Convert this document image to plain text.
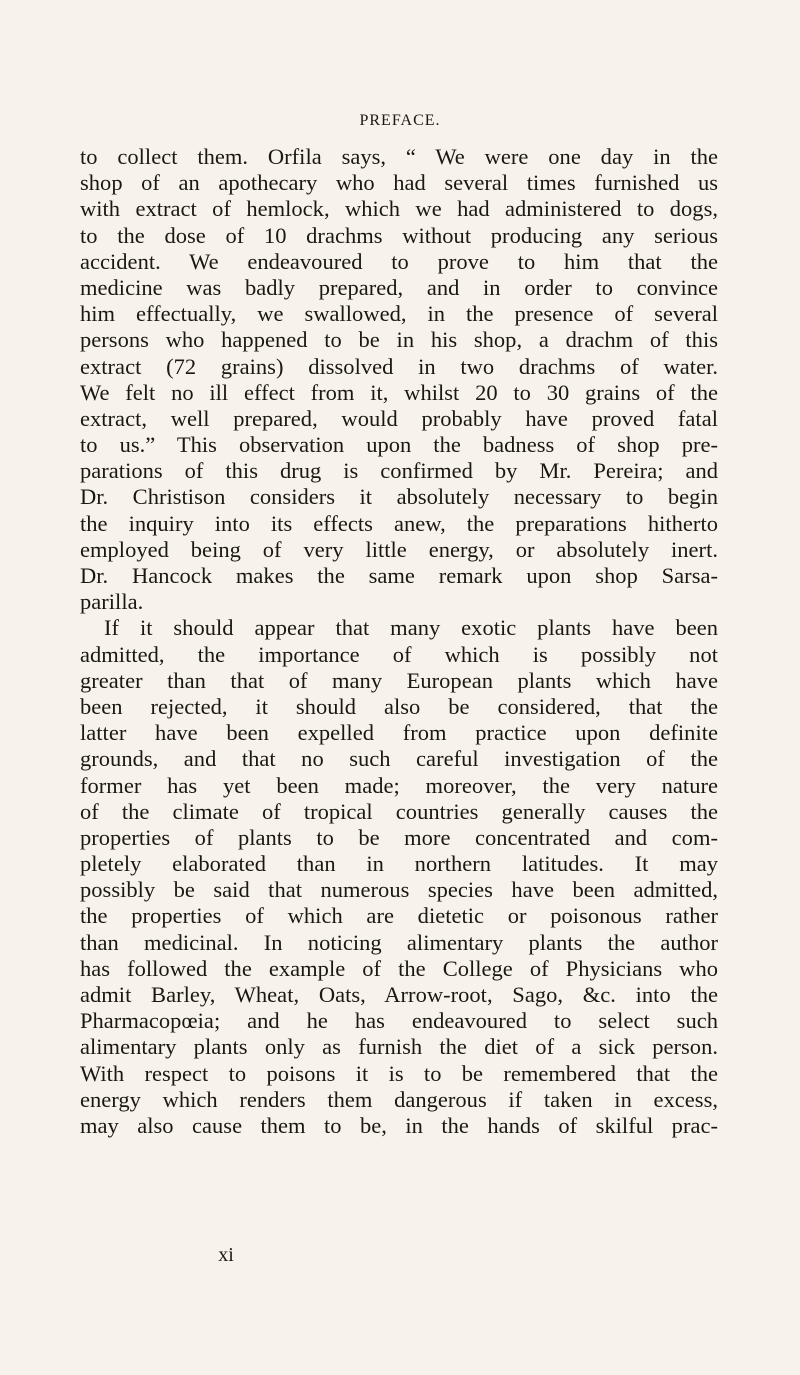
PREFACE.
to collect them. Orfila says, “ We were one day in the
shop of an apothecary who had several times furnished us
with extract of hemlock, which we had administered to dogs,
to the dose of 10 drachms without producing any serious
accident. We endeavoured to prove to him that the
medicine was badly prepared, and in order to convince
him effectually, we swallowed, in the presence of several
persons who happened to be in his shop, a drachm of this
extract (72 grains) dissolved in two drachms of water.
We felt no ill effect from it, whilst 20 to 30 grains of the
extract, well prepared, would probably have proved fatal
to us.” This observation upon the badness of shop pre-
parations of this drug is confirmed by Mr. Pereira; and
Dr. Christison considers it absolutely necessary to begin
the inquiry into its effects anew, the preparations hitherto
employed being of very little energy, or absolutely inert.
Dr. Hancock makes the same remark upon shop Sarsa-
parilla.
If it should appear that many exotic plants have been
admitted, the importance of which is possibly not
greater than that of many European plants which have
been rejected, it should also be considered, that the
latter have been expelled from practice upon definite
grounds, and that no such careful investigation of the
former has yet been made; moreover, the very nature
of the climate of tropical countries generally causes the
properties of plants to be more concentrated and com-
pletely elaborated than in northern latitudes. It may
possibly be said that numerous species have been admitted,
the properties of which are dietetic or poisonous rather
than medicinal. In noticing alimentary plants the author
has followed the example of the College of Physicians who
admit Barley, Wheat, Oats, Arrow-root, Sago, &c. into the
Pharmacopœia; and he has endeavoured to select such
alimentary plants only as furnish the diet of a sick person.
With respect to poisons it is to be remembered that the
energy which renders them dangerous if taken in excess,
may also cause them to be, in the hands of skilful prac-
xi
